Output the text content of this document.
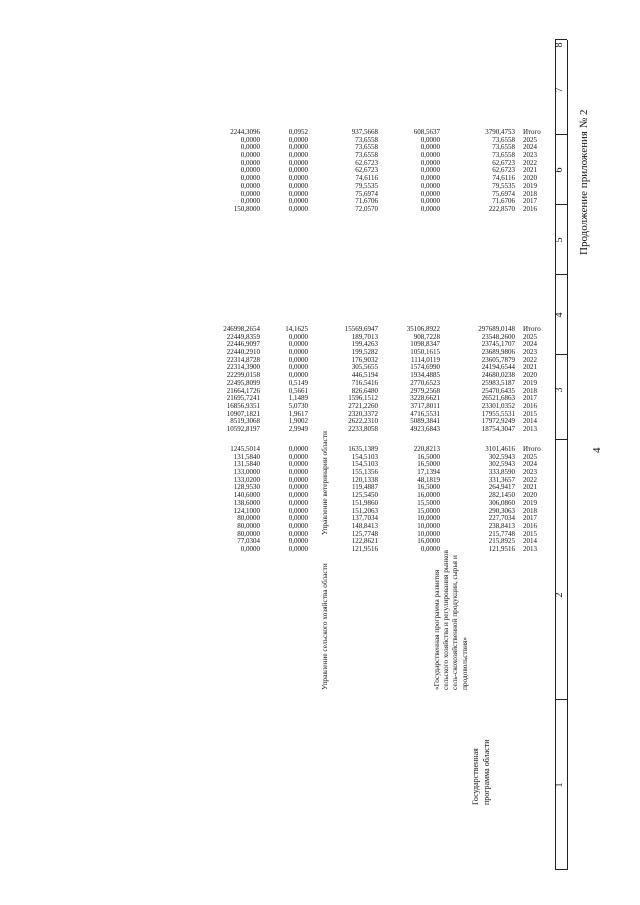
4
Продолжение приложения № 2
1
2
3
4
5
6
7
8
Государственная программа области
«Государственная программа развития сельского хозяйства и регулирования рынков сель-скохозяйственной продукции, сырья и продовольствия»
Управление сельского хозяйства области
Управление ветеринарии области
2016
2017
2018
2019
2020
2021
2022
2023
2024
2025
Итого
222,8570
71,6706
75,6974
79,5535
74,6116
62,6723
62,6723
73,6558
73,6558
73,6558
3790,4753
0,0000
0,0000
0,0000
0,0000
0,0000
0,0000
0,0000
0,0000
0,0000
0,0000
608,5637
72,0570
71,6706
75,6974
79,5535
74,6116
62,6723
62,6723
73,6558
73,6558
73,6558
937,5668
0,0000
0,0000
0,0000
0,0000
0,0000
0,0000
0,0000
0,0000
0,0000
0,0000
0,0952
150,8000
0,0000
0,0000
0,0000
0,0000
0,0000
0,0000
0,0000
0,0000
0,0000
2244,3096
2013
2014
2015
2016
2017
2018
2019
2020
2021
2022
2023
2024
2025
Итого
18754,3047
17972,9249
17955,5531
23301,0352
26521,6863
25470,6435
25983,5187
24680,0238
24194,6544
23605,7879
23689,9806
23745,1707
23548,2600
297689,0148
4923,6843
5089,3841
4716,5531
3717,8011
3228,6621
2979,2568
2770,6523
1934,4885
1574,6990
1114,0119
1050,1615
1098,8347
908,7228
35106,8922
2233,8058
2622,2310
2320,3372
2721,2260
1596,1512
826,6480
716,5416
446,5194
305,5655
176,9032
199,5282
199,4263
189,7013
15569,6947
2,9949
1,9002
1,9617
5,0730
1,1489
0,5661
0,5149
0,0000
0,0000
0,0000
0,0000
0,0000
0,0000
14,1625
10592,8197
8519,3068
10907,1821
16856,9351
21695,7241
21664,1726
22495,8099
22299,0158
22314,3900
22314,8728
22440,2910
22446,9097
22449,8359
246998,2654
2013
2014
2015
2016
2017
2018
2019
2020
2021
2022
2023
2024
2025
Итого
121,9516
215,8925
215,7748
238,8413
227,7034
290,3063
306,0860
282,1450
264,9417
331,3657
333,8590
302,5943
302,5943
3101,4616
0,0000
16,0000
10,0000
10,0000
10,0000
15,0000
15,5000
16,0000
16,5000
48,1819
17,1394
16,5000
16,5000
220,8213
121,9516
122,8621
125,7748
148,8413
137,7034
151,2063
151,9860
125,5450
119,4887
120,1338
155,1356
154,5103
154,5103
1635,1389
0,0000
0,0000
0,0000
0,0000
0,0000
0,0000
0,0000
0,0000
0,0000
0,0000
0,0000
0,0000
0,0000
0,0000
0,0000
77,0304
80,0000
80,0000
80,0000
124,1000
138,6000
140,6000
128,9530
133,0200
133,0000
131,5840
131,5840
1245,5014
